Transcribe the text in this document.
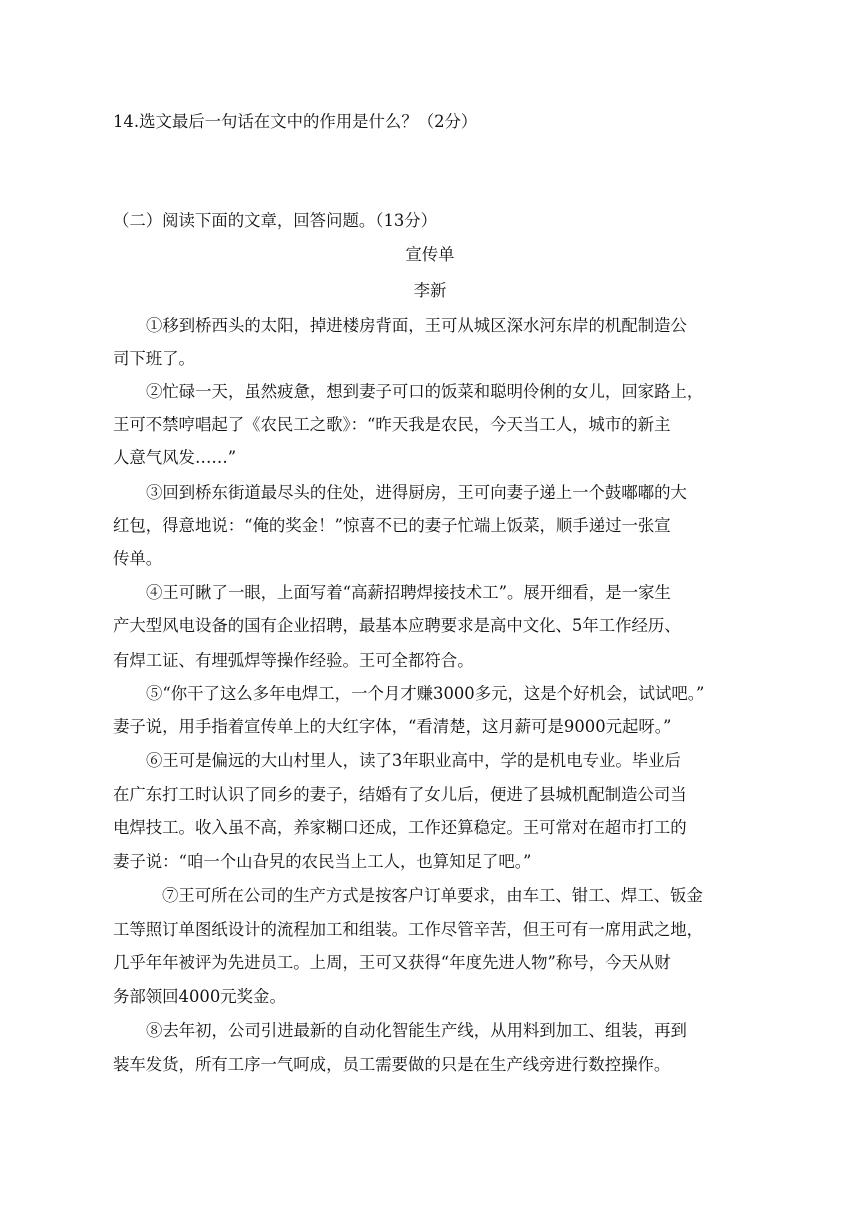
14.选文最后一句话在文中的作用是什么？（2分）
（二）阅读下面的文章，回答问题。（13分）
宣传单
李新
①移到桥西头的太阳，掉进楼房背面，王可从城区深水河东岸的机配制造公
司下班了。
②忙碌一天，虽然疲惫，想到妻子可口的饭菜和聪明伶俐的女儿，回家路上，
王可不禁哼唱起了《农民工之歌》：“昨天我是农民，今天当工人，城市的新主
人意气风发……”
③回到桥东街道最尽头的住处，进得厨房，王可向妻子递上一个鼓嘟嘟的大
红包，得意地说：“俺的奖金！”惊喜不已的妻子忙端上饭菜，顺手递过一张宣
传单。
④王可瞅了一眼，上面写着“高薪招聘焊接技术工”。展开细看，是一家生
产大型风电设备的国有企业招聘，最基本应聘要求是高中文化、5年工作经历、
有焊工证、有埋弧焊等操作经验。王可全都符合。
⑤“你干了这么多年电焊工，一个月才赚3000多元，这是个好机会，试试吧。”
妻子说，用手指着宣传单上的大红字体，“看清楚，这月薪可是9000元起呀。”
⑥王可是偏远的大山村里人，读了3年职业高中，学的是机电专业。毕业后
在广东打工时认识了同乡的妻子，结婚有了女儿后，便进了县城机配制造公司当
电焊技工。收入虽不高，养家糊口还成，工作还算稳定。王可常对在超市打工的
妻子说：“咱一个山旮旯的农民当上工人，也算知足了吧。”
⑦王可所在公司的生产方式是按客户订单要求，由车工、钳工、焊工、钣金
工等照订单图纸设计的流程加工和组装。工作尽管辛苦，但王可有一席用武之地，
几乎年年被评为先进员工。上周，王可又获得“年度先进人物”称号，今天从财
务部领回4000元奖金。
⑧去年初，公司引进最新的自动化智能生产线，从用料到加工、组装，再到
装车发货，所有工序一气呵成，员工需要做的只是在生产线旁进行数控操作。
